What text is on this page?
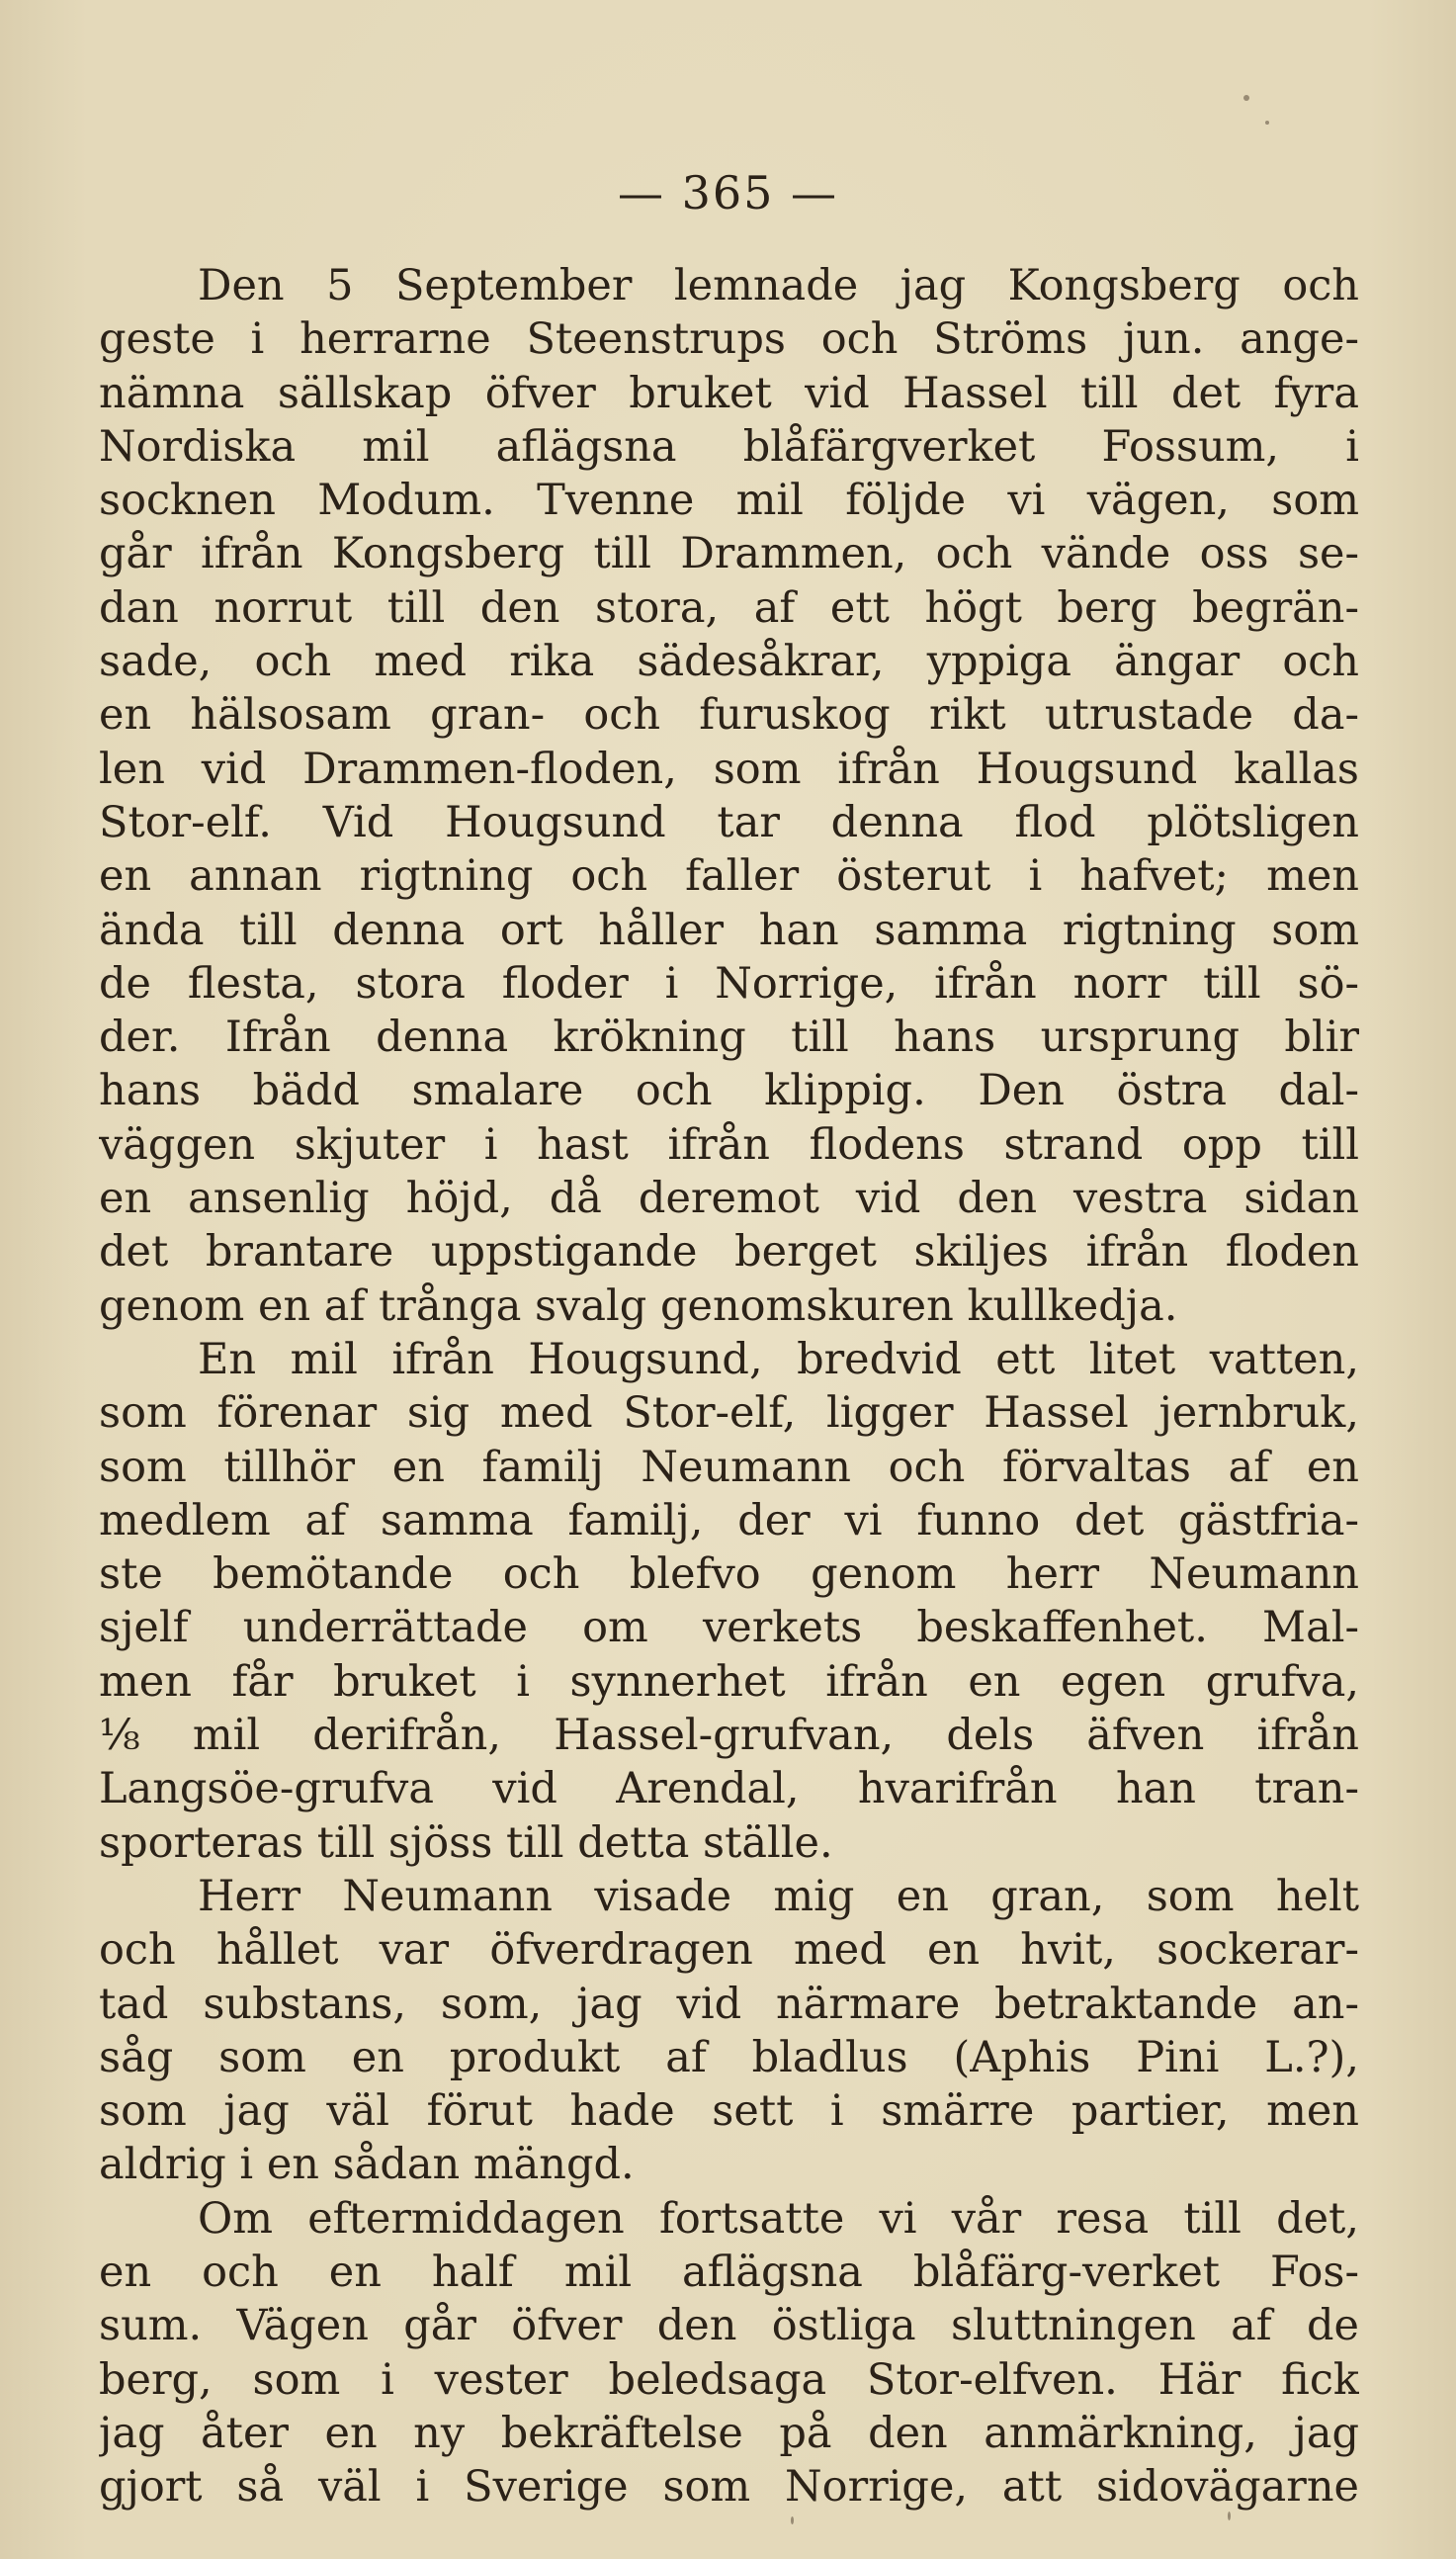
— 365 —
Den 5 September lemnade jag Kongsberg och
geste i herrarne Steenstrups och Ströms jun. ange-
nämna sällskap öfver bruket vid Hassel till det fyra
Nordiska mil aflägsna blåfärgverket Fossum, i
socknen Modum. Tvenne mil följde vi vägen, som
går ifrån Kongsberg till Drammen, och vände oss se-
dan norrut till den stora, af ett högt berg begrän-
sade, och med rika sädesåkrar, yppiga ängar och
en hälsosam gran- och furuskog rikt utrustade da-
len vid Drammen-floden, som ifrån Hougsund kallas
Stor-elf. Vid Hougsund tar denna flod plötsligen
en annan rigtning och faller österut i hafvet; men
ända till denna ort håller han samma rigtning som
de flesta, stora floder i Norrige, ifrån norr till sö-
der. Ifrån denna krökning till hans ursprung blir
hans bädd smalare och klippig. Den östra dal-
väggen skjuter i hast ifrån flodens strand opp till
en ansenlig höjd, då deremot vid den vestra sidan
det brantare uppstigande berget skiljes ifrån floden
genom en af trånga svalg genomskuren kullkedja.
En mil ifrån Hougsund, bredvid ett litet vatten,
som förenar sig med Stor-elf, ligger Hassel jernbruk,
som tillhör en familj Neumann och förvaltas af en
medlem af samma familj, der vi funno det gästfria-
ste bemötande och blefvo genom herr Neumann
sjelf underrättade om verkets beskaffenhet. Mal-
men får bruket i synnerhet ifrån en egen grufva,
⅛ mil derifrån, Hassel-grufvan, dels äfven ifrån
Langsöe-grufva vid Arendal, hvarifrån han tran-
sporteras till sjöss till detta ställe.
Herr Neumann visade mig en gran, som helt
och hållet var öfverdragen med en hvit, sockerar-
tad substans, som, jag vid närmare betraktande an-
såg som en produkt af bladlus (Aphis Pini L.?),
som jag väl förut hade sett i smärre partier, men
aldrig i en sådan mängd.
Om eftermiddagen fortsatte vi vår resa till det,
en och en half mil aflägsna blåfärg-verket Fos-
sum. Vägen går öfver den östliga sluttningen af de
berg, som i vester beledsaga Stor-elfven. Här fick
jag åter en ny bekräftelse på den anmärkning, jag
gjort så väl i Sverige som Norrige, att sidovägarne
